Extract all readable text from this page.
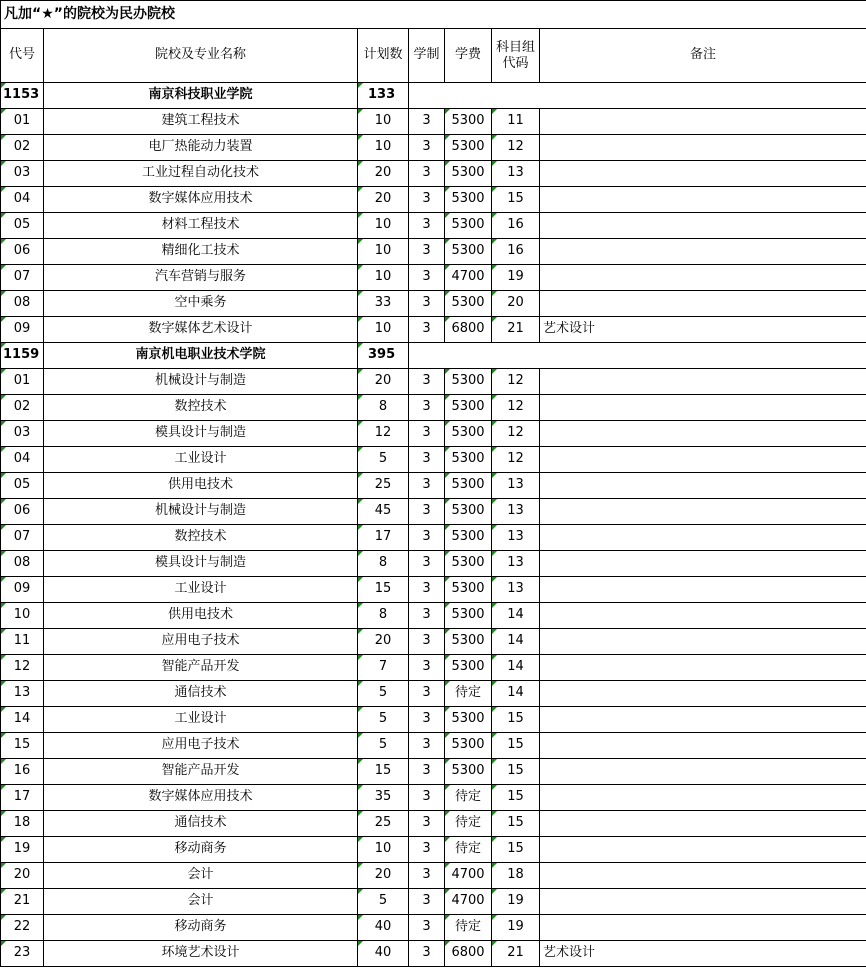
凡加“★”的院校为民办院校						
代号	院校及专业名称	计划数	学制	学费	科目组代码	备注
1153	南京科技职业学院	133				
01	建筑工程技术	10	3	5300	11	
02	电厂热能动力装置	10	3	5300	12	
03	工业过程自动化技术	20	3	5300	13	
04	数字媒体应用技术	20	3	5300	15	
05	材料工程技术	10	3	5300	16	
06	精细化工技术	10	3	5300	16	
07	汽车营销与服务	10	3	4700	19	
08	空中乘务	33	3	5300	20	
09	数字媒体艺术设计	10	3	6800	21	艺术设计
1159	南京机电职业技术学院	395				
01	机械设计与制造	20	3	5300	12	
02	数控技术	8	3	5300	12	
03	模具设计与制造	12	3	5300	12	
04	工业设计	5	3	5300	12	
05	供用电技术	25	3	5300	13	
06	机械设计与制造	45	3	5300	13	
07	数控技术	17	3	5300	13	
08	模具设计与制造	8	3	5300	13	
09	工业设计	15	3	5300	13	
10	供用电技术	8	3	5300	14	
11	应用电子技术	20	3	5300	14	
12	智能产品开发	7	3	5300	14	
13	通信技术	5	3	待定	14	
14	工业设计	5	3	5300	15	
15	应用电子技术	5	3	5300	15	
16	智能产品开发	15	3	5300	15	
17	数字媒体应用技术	35	3	待定	15	
18	通信技术	25	3	待定	15	
19	移动商务	10	3	待定	15	
20	会计	20	3	4700	18	
21	会计	5	3	4700	19	
22	移动商务	40	3	待定	19	
23	环境艺术设计	40	3	6800	21	艺术设计
